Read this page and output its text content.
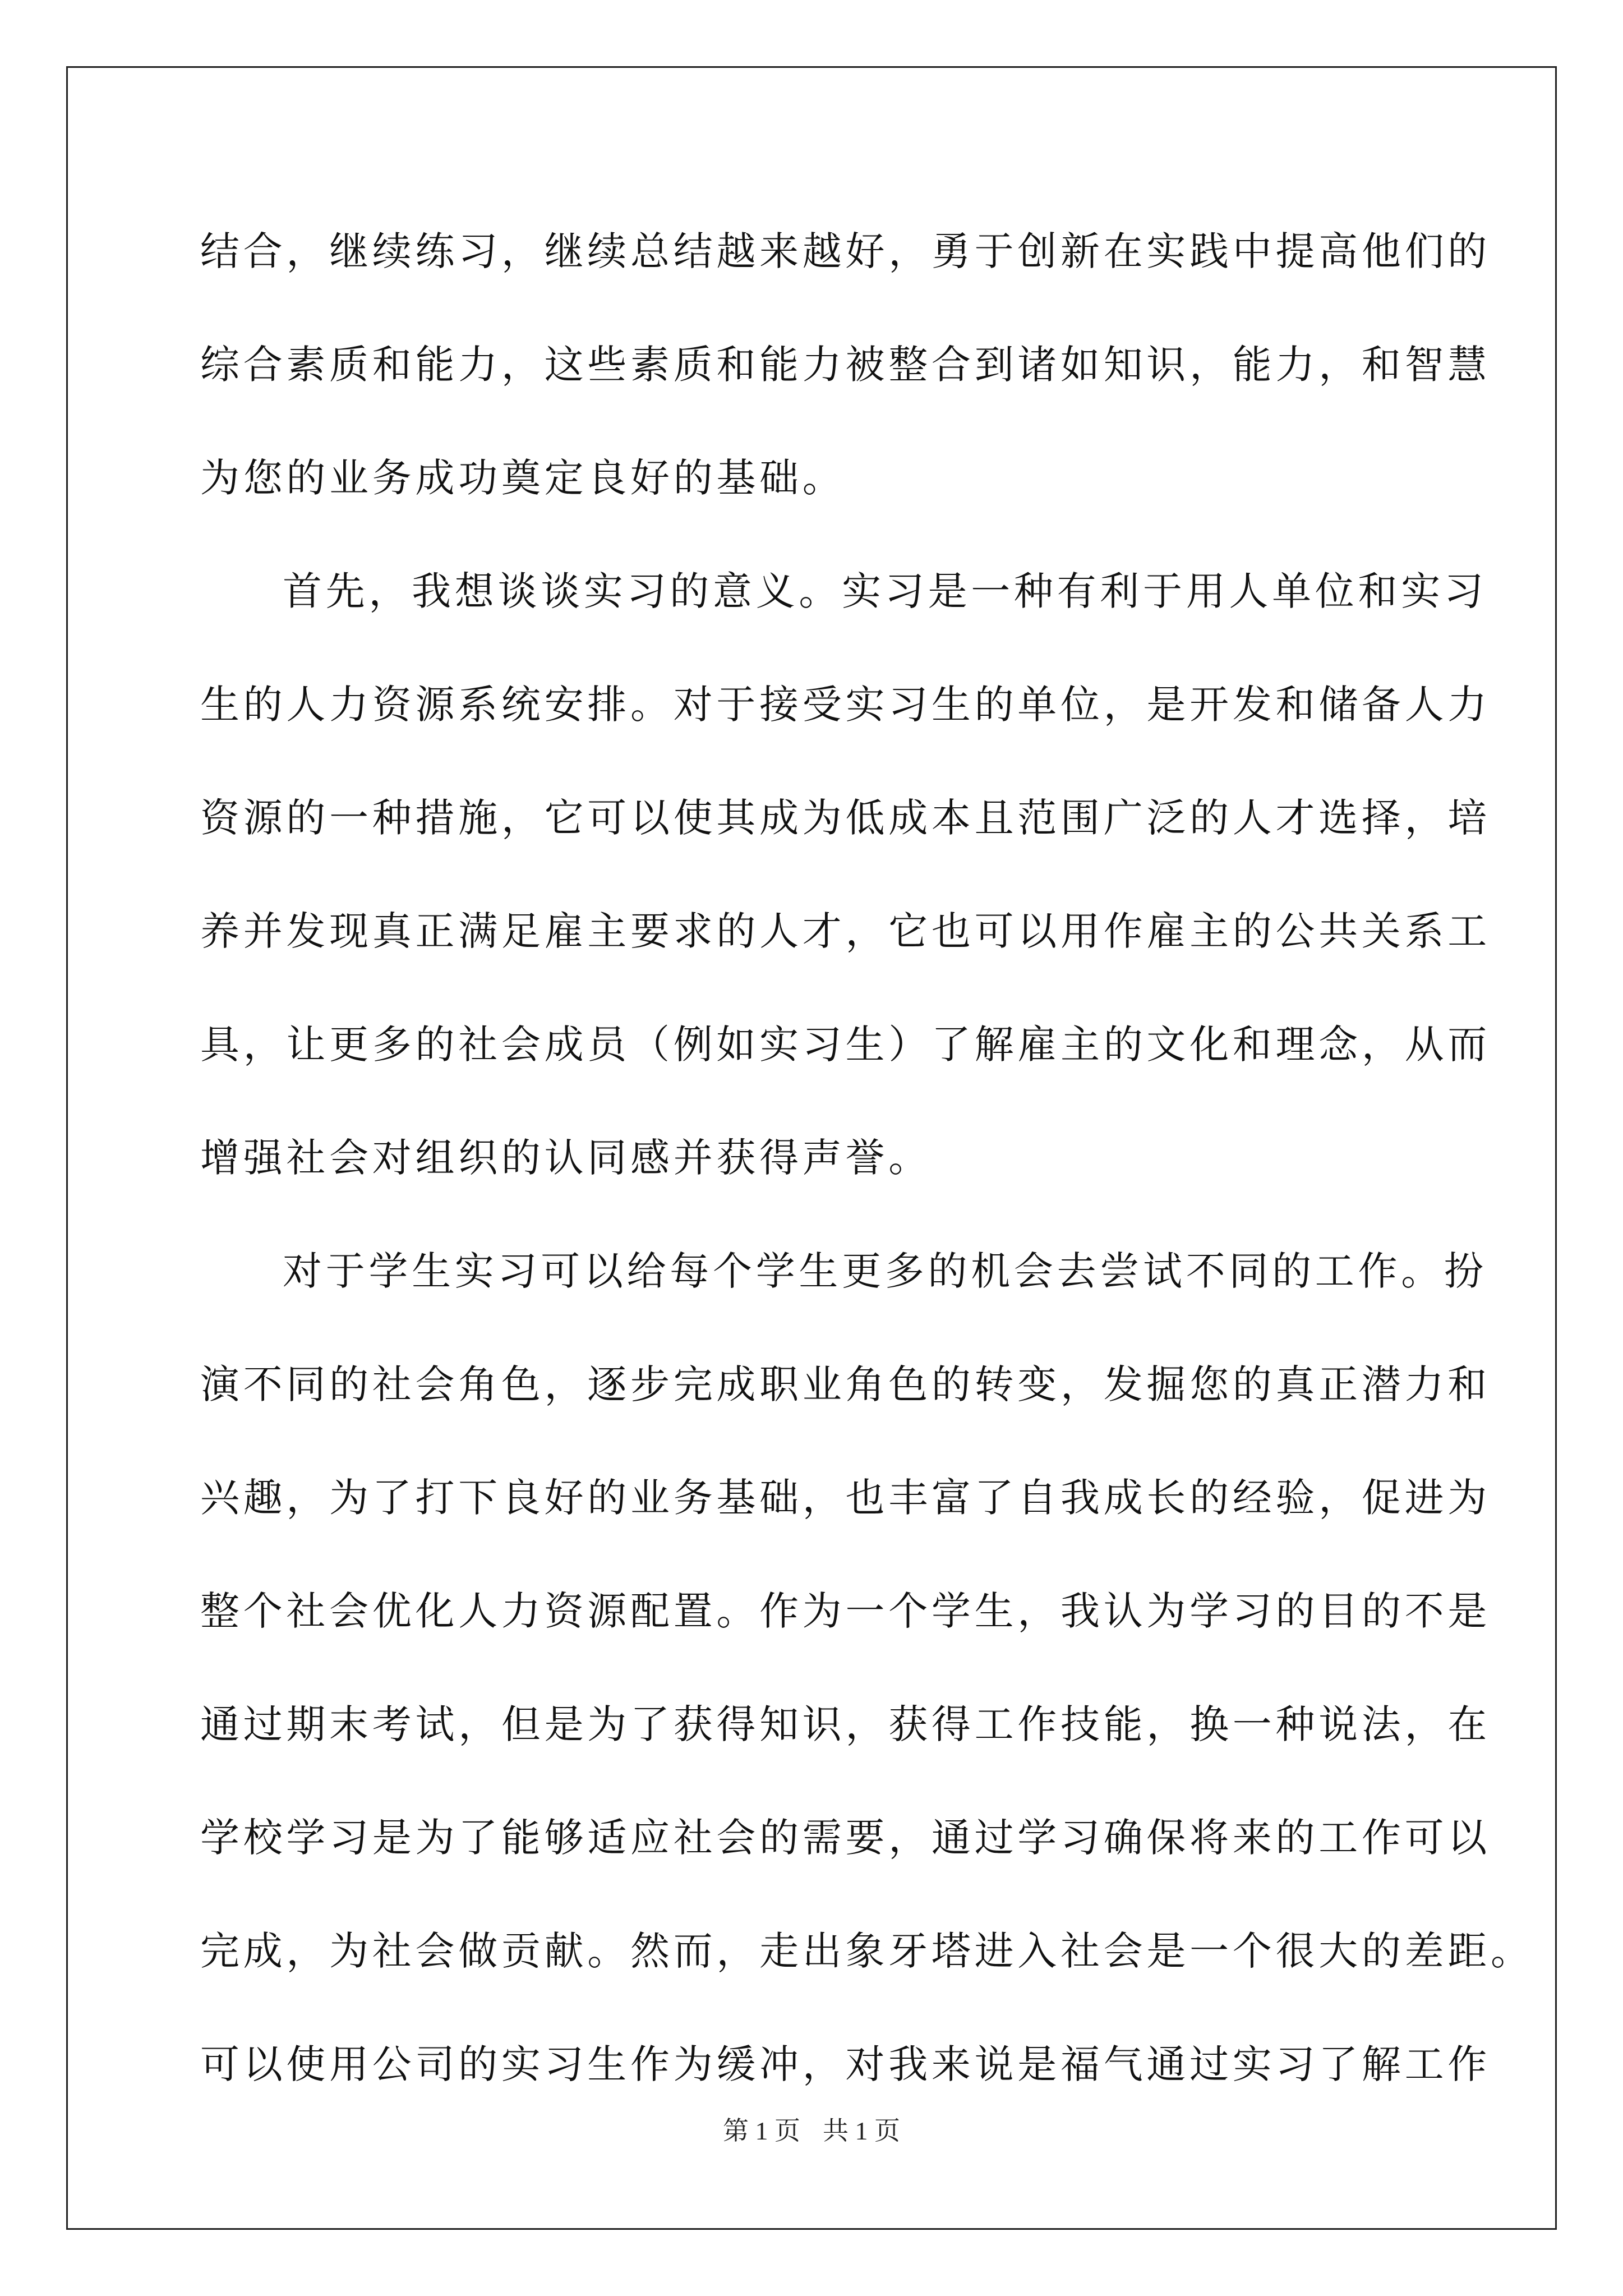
结合，继续练习，继续总结越来越好，勇于创新在实践中提高他们的
综合素质和能力，这些素质和能力被整合到诸如知识，能力，和智慧
为您的业务成功奠定良好的基础。
首先，我想谈谈实习的意义。实习是一种有利于用人单位和实习
生的人力资源系统安排。对于接受实习生的单位，是开发和储备人力
资源的一种措施，它可以使其成为低成本且范围广泛的人才选择，培
养并发现真正满足雇主要求的人才，它也可以用作雇主的公共关系工
具，让更多的社会成员（例如实习生）了解雇主的文化和理念，从而
增强社会对组织的认同感并获得声誉。
对于学生实习可以给每个学生更多的机会去尝试不同的工作。扮
演不同的社会角色，逐步完成职业角色的转变，发掘您的真正潜力和
兴趣，为了打下良好的业务基础，也丰富了自我成长的经验，促进为
整个社会优化人力资源配置。作为一个学生，我认为学习的目的不是
通过期末考试，但是为了获得知识，获得工作技能，换一种说法，在
学校学习是为了能够适应社会的需要，通过学习确保将来的工作可以
完成，为社会做贡献。然而，走出象牙塔进入社会是一个很大的差距。
可以使用公司的实习生作为缓冲，对我来说是福气通过实习了解工作
第 1 页 共 1 页
